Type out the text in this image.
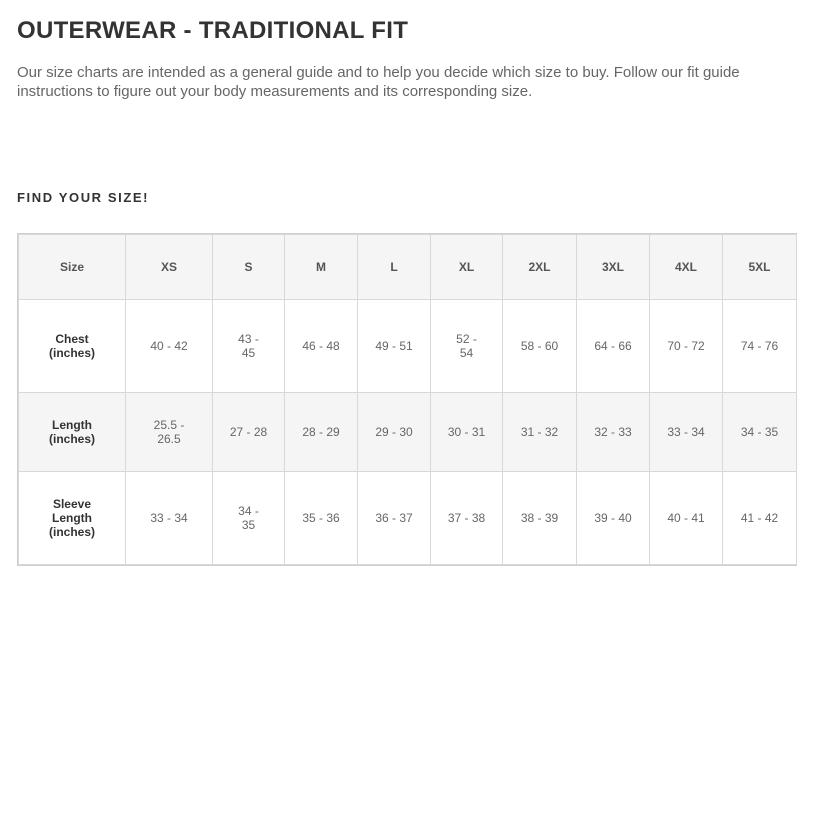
OUTERWEAR - TRADITIONAL FIT

Our size charts are intended as a general guide and to help you decide which size to buy. Follow our fit guide instructions to figure out your body measurements and its corresponding size.

FIND YOUR SIZE!
Size	XS	S	M	L	XL	2XL	3XL	4XL	5XL
Chest (inches)	40 - 42	43 - 45	46 - 48	49 - 51	52 - 54	58 - 60	64 - 66	70 - 72	74 - 76
Length (inches)	25.5 - 26.5	27 - 28	28 - 29	29 - 30	30 - 31	31 - 32	32 - 33	33 - 34	34 - 35
Sleeve Length (inches)	33 - 34	34 - 35	35 - 36	36 - 37	37 - 38	38 - 39	39 - 40	40 - 41	41 - 42
